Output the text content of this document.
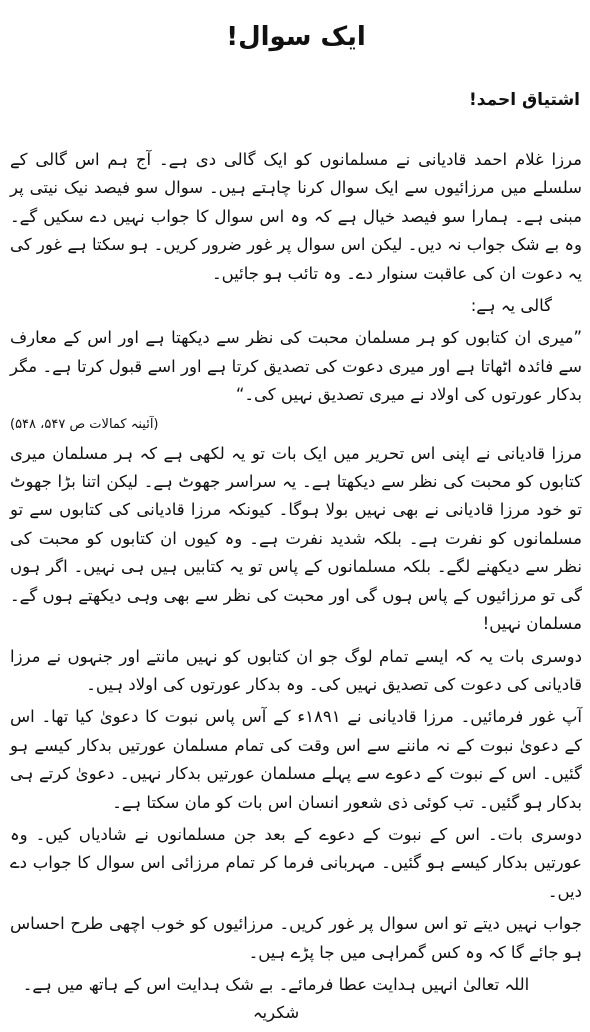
ایک سوال!
اشتیاق احمد!

مرزا غلام احمد قادیانی نے مسلمانوں کو ایک گالی دی ہے۔ آج ہم اس گالی کے سلسلے میں مرزائیوں سے ایک سوال کرنا چاہتے ہیں۔ سوال سو فیصد نیک نیتی پر مبنی ہے۔ ہمارا سو فیصد خیال ہے کہ وہ اس سوال کا جواب نہیں دے سکیں گے۔ وہ بے شک جواب نہ دیں۔ لیکن اس سوال پر غور ضرور کریں۔ ہو سکتا ہے غور کی یہ دعوت ان کی عاقبت سنوار دے۔ وہ تائب ہو جائیں۔

گالی یہ ہے:

”میری ان کتابوں کو ہر مسلمان محبت کی نظر سے دیکھتا ہے اور اس کے معارف سے فائدہ اٹھاتا ہے اور میری دعوت کی تصدیق کرتا ہے اور اسے قبول کرتا ہے۔ مگر بدکار عورتوں کی اولاد نے میری تصدیق نہیں کی۔“

(آئینہ کمالات ص ۵۴۷، ۵۴۸)

مرزا قادیانی نے اپنی اس تحریر میں ایک بات تو یہ لکھی ہے کہ ہر مسلمان میری کتابوں کو محبت کی نظر سے دیکھتا ہے۔ یہ سراسر جھوٹ ہے۔ لیکن اتنا بڑا جھوٹ تو خود مرزا قادیانی نے بھی نہیں بولا ہوگا۔ کیونکہ مرزا قادیانی کی کتابوں سے تو مسلمانوں کو نفرت ہے۔ بلکہ شدید نفرت ہے۔ وہ کیوں ان کتابوں کو محبت کی نظر سے دیکھنے لگے۔ بلکہ مسلمانوں کے پاس تو یہ کتابیں ہیں ہی نہیں۔ اگر ہوں گی تو مرزائیوں کے پاس ہوں گی اور محبت کی نظر سے بھی وہی دیکھتے ہوں گے۔ مسلمان نہیں!

دوسری بات یہ کہ ایسے تمام لوگ جو ان کتابوں کو نہیں مانتے اور جنہوں نے مرزا قادیانی کی دعوت کی تصدیق نہیں کی۔ وہ بدکار عورتوں کی اولاد ہیں۔

آپ غور فرمائیں۔ مرزا قادیانی نے ۱۸۹۱ء کے آس پاس نبوت کا دعویٰ کیا تھا۔ اس کے دعویٰ نبوت کے نہ ماننے سے اس وقت کی تمام مسلمان عورتیں بدکار کیسے ہو گئیں۔ اس کے نبوت کے دعوے سے پہلے مسلمان عورتیں بدکار نہیں۔ دعویٰ کرتے ہی بدکار ہو گئیں۔ تب کوئی ذی شعور انسان اس بات کو مان سکتا ہے۔

دوسری بات۔ اس کے نبوت کے دعوے کے بعد جن مسلمانوں نے شادیاں کیں۔ وہ عورتیں بدکار کیسے ہو گئیں۔ مہربانی فرما کر تمام مرزائی اس سوال کا جواب دے دیں۔

جواب نہیں دیتے تو اس سوال پر غور کریں۔ مرزائیوں کو خوب اچھی طرح احساس ہو جائے گا کہ وہ کس گمراہی میں جا پڑے ہیں۔

اللہ تعالیٰ انہیں ہدایت عطا فرمائے۔ بے شک ہدایت اس کے ہاتھ میں ہے۔ شکریہ
